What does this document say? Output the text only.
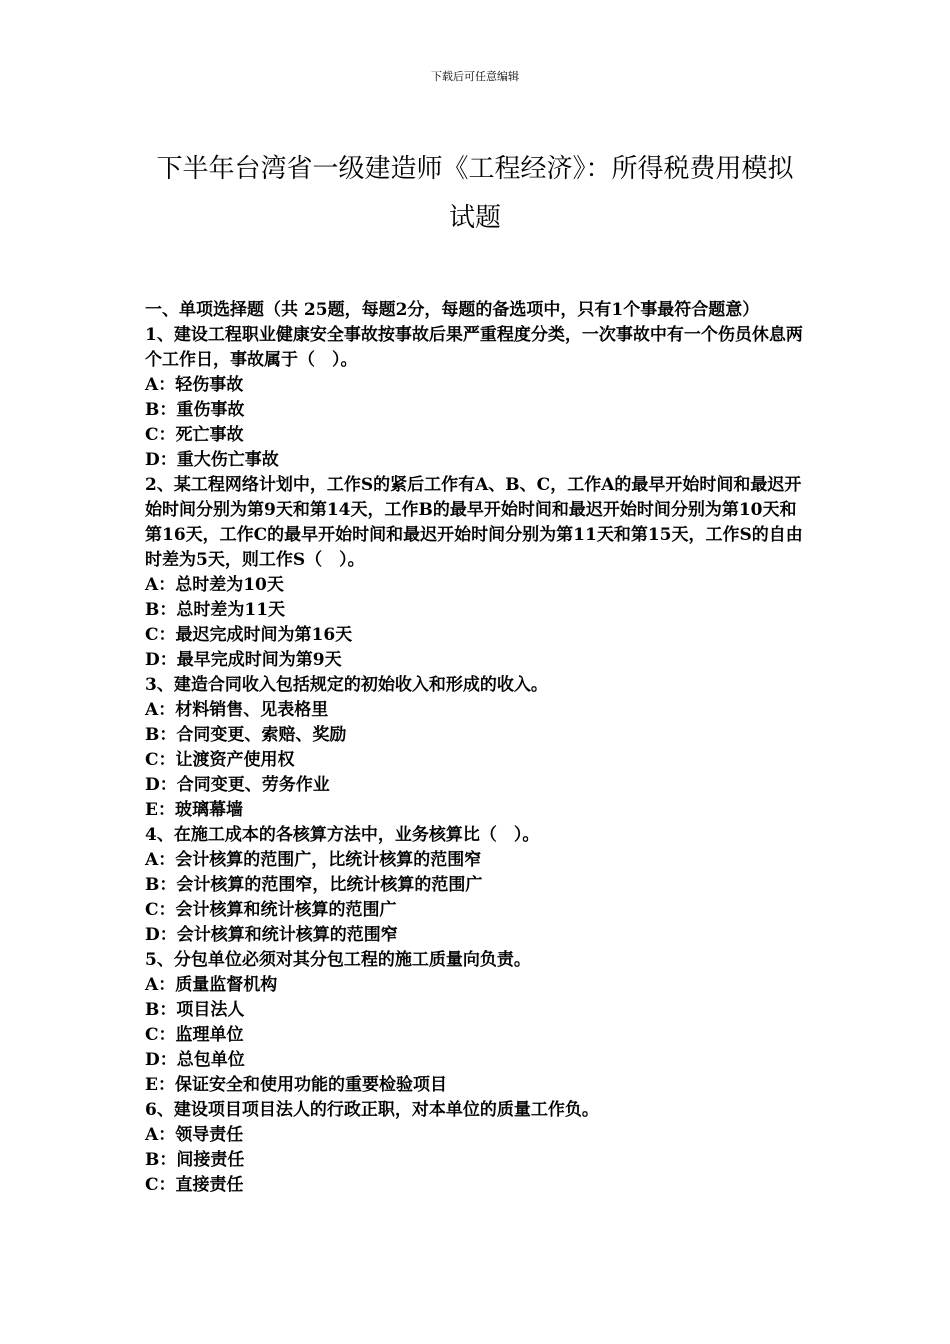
下载后可任意编辑
下半年台湾省一级建造师《工程经济》：所得税费用模拟试题

一、单项选择题（共 25题，每题2分，每题的备选项中，只有1个事最符合题意）

1、建设工程职业健康安全事故按事故后果严重程度分类，一次事故中有一个伤员休息两个工作日，事故属于（　）。

A：轻伤事故

B：重伤事故

C：死亡事故

D：重大伤亡事故

2、某工程网络计划中，工作S的紧后工作有A、B、C，工作A的最早开始时间和最迟开始时间分别为第9天和第14天，工作B的最早开始时间和最迟开始时间分别为第10天和第16天，工作C的最早开始时间和最迟开始时间分别为第11天和第15天，工作S的自由时差为5天，则工作S（　）。

A：总时差为10天

B：总时差为11天

C：最迟完成时间为第16天

D：最早完成时间为第9天

3、建造合同收入包括规定的初始收入和形成的收入。

A：材料销售、见表格里

B：合同变更、索赔、奖励

C：让渡资产使用权

D：合同变更、劳务作业

E：玻璃幕墙

4、在施工成本的各核算方法中，业务核算比（　）。

A：会计核算的范围广，比统计核算的范围窄

B：会计核算的范围窄，比统计核算的范围广

C：会计核算和统计核算的范围广

D：会计核算和统计核算的范围窄

5、分包单位必须对其分包工程的施工质量向负责。

A：质量监督机构

B：项目法人

C：监理单位

D：总包单位

E：保证安全和使用功能的重要检验项目

6、建设项目项目法人的行政正职，对本单位的质量工作负。

A：领导责任

B：间接责任

C：直接责任
